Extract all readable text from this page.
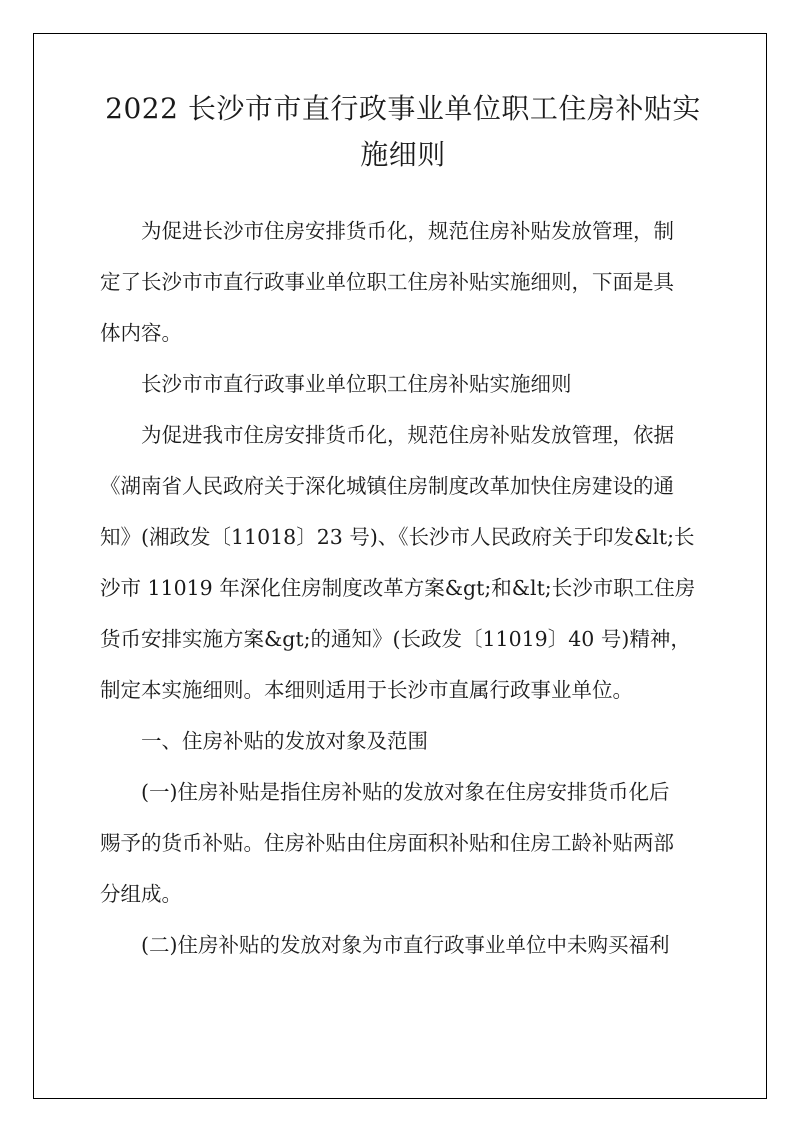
2022 长沙市市直行政事业单位职工住房补贴实
施细则

为促进长沙市住房安排货币化，规范住房补贴发放管理，制
定了长沙市市直行政事业单位职工住房补贴实施细则，下面是具
体内容。

长沙市市直行政事业单位职工住房补贴实施细则

为促进我市住房安排货币化，规范住房补贴发放管理，依据
《湖南省人民政府关于深化城镇住房制度改革加快住房建设的通
知》(湘政发〔11018〕23 号)、《长沙市人民政府关于印发&lt;长
沙市 11019 年深化住房制度改革方案&gt;和&lt;长沙市职工住房
货币安排实施方案&gt;的通知》(长政发〔11019〕40 号)精神，
制定本实施细则。本细则适用于长沙市直属行政事业单位。

一、住房补贴的发放对象及范围

(一)住房补贴是指住房补贴的发放对象在住房安排货币化后
赐予的货币补贴。住房补贴由住房面积补贴和住房工龄补贴两部
分组成。

(二)住房补贴的发放对象为市直行政事业单位中未购买福利
